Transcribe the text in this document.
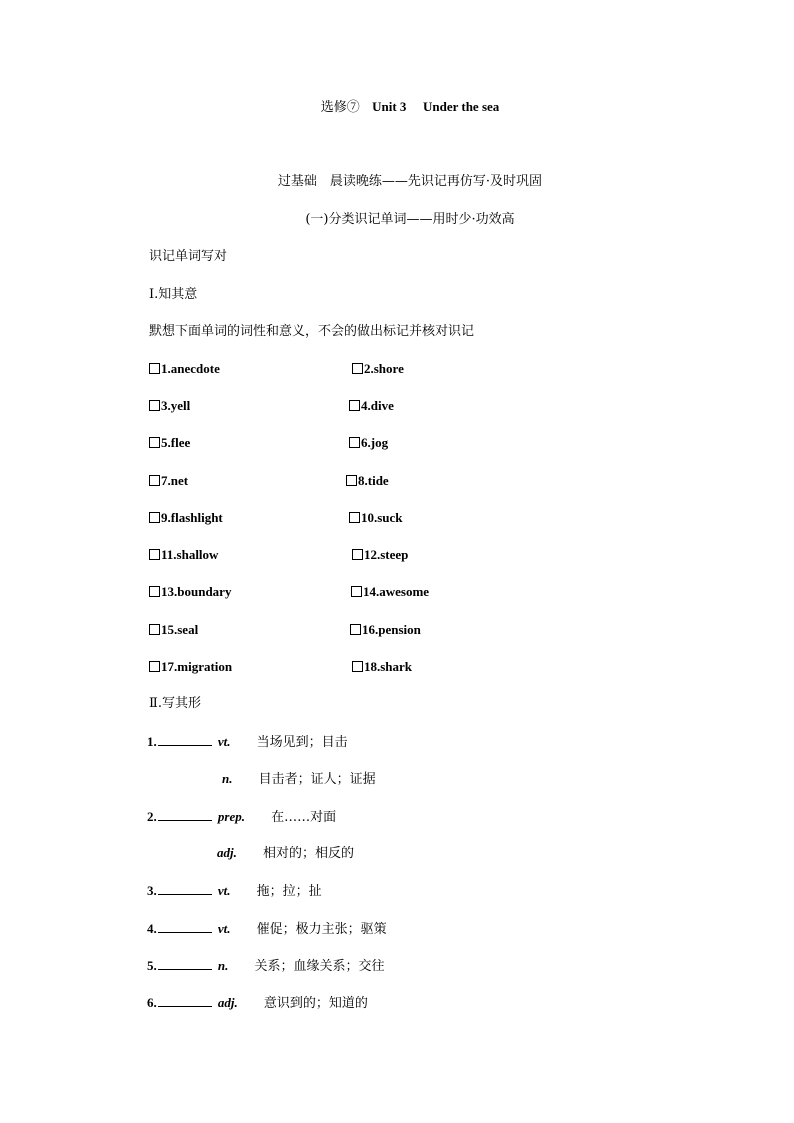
选修⑦ Unit 3 Under the sea
过基础　晨读晚练——先识记再仿写·及时巩固
(一)分类识记单词——用时少·功效高
识记单词写对
Ⅰ.知其意
默想下面单词的词性和意义，不会的做出标记并核对识记
1.anecdote	2.shore
3.yell	4.dive
5.flee	6.jog
7.net	8.tide
9.flashlight	10.suck
11.shallow	12.steep
13.boundary	14.awesome
15.seal	16.pension
17.migration	18.shark
Ⅱ.写其形
1.	vt. 当场见到；目击
n. 目击者；证人；证据
2.	prep. 在……对面
adj. 相对的；相反的
3.	vt. 拖；拉；扯
4.	vt. 催促；极力主张；驱策
5.	n. 关系；血缘关系；交往
6.	adj. 意识到的；知道的
